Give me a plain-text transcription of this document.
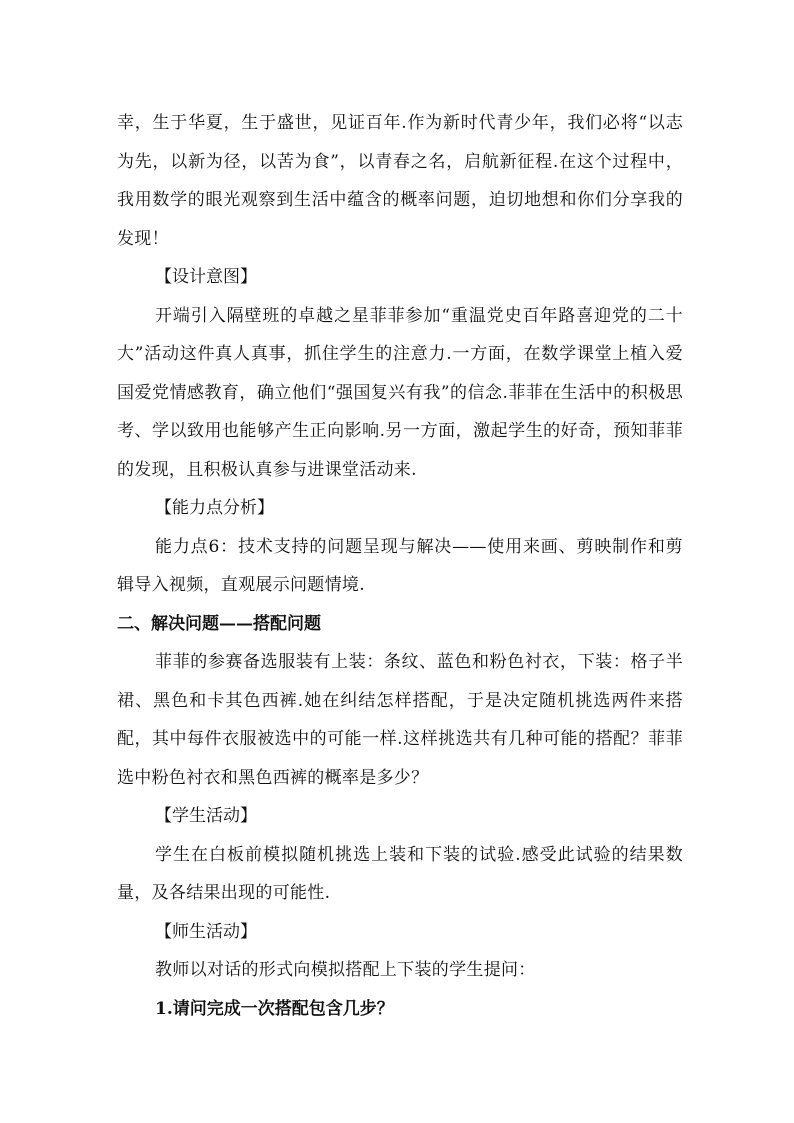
幸，生于华夏，生于盛世，见证百年.作为新时代青少年，我们必将“以志为先，以新为径，以苦为食”，以青春之名，启航新征程.在这个过程中，我用数学的眼光观察到生活中蕴含的概率问题，迫切地想和你们分享我的发现！

【设计意图】

开端引入隔壁班的卓越之星菲菲参加“重温党史百年路喜迎党的二十大”活动这件真人真事，抓住学生的注意力.一方面，在数学课堂上植入爱国爱党情感教育，确立他们“强国复兴有我”的信念.菲菲在生活中的积极思考、学以致用也能够产生正向影响.另一方面，激起学生的好奇，预知菲菲的发现，且积极认真参与进课堂活动来.

【能力点分析】

能力点6：技术支持的问题呈现与解决——使用来画、剪映制作和剪辑导入视频，直观展示问题情境.

二、解决问题——搭配问题

菲菲的参赛备选服装有上装：条纹、蓝色和粉色衬衣，下装：格子半裙、黑色和卡其色西裤.她在纠结怎样搭配，于是决定随机挑选两件来搭配，其中每件衣服被选中的可能一样.这样挑选共有几种可能的搭配？菲菲选中粉色衬衣和黑色西裤的概率是多少？

【学生活动】

学生在白板前模拟随机挑选上装和下装的试验.感受此试验的结果数量，及各结果出现的可能性.

【师生活动】

教师以对话的形式向模拟搭配上下装的学生提问：

1.请问完成一次搭配包含几步？
